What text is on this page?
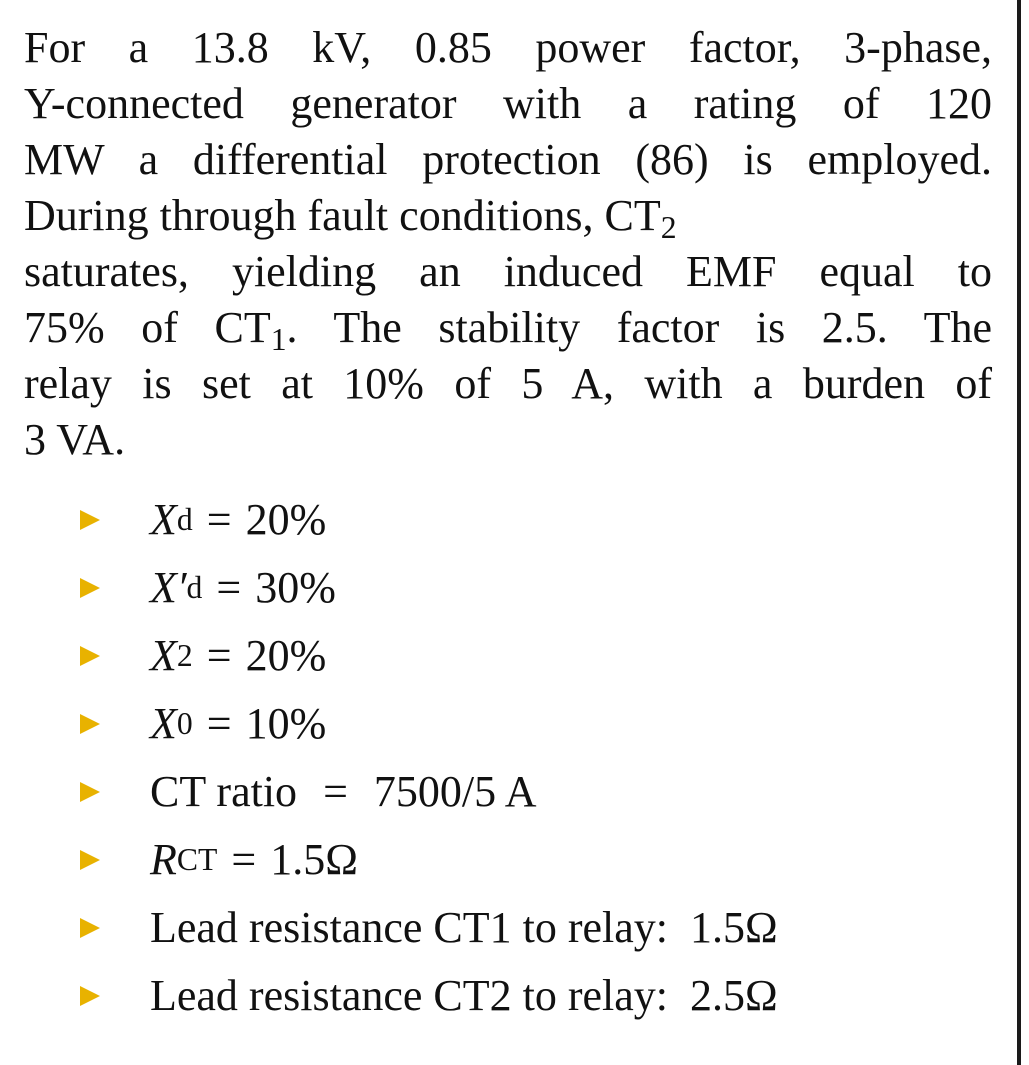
For a 13.8 kV, 0.85 power factor, 3-phase,
Y-connected generator with a rating of 120
MW a differential protection (86) is employed.
During through fault conditions, $CT_2$
saturates, yielding an induced EMF equal to
75% of $CT_1$. The stability factor is 2.5. The
relay is set at 10% of 5 A, with a burden of
3 VA.
X d = 20%
X′ d = 30%
X 2 = 20%
X 0 = 10%
CT ratio = 7500/5 A
R CT = 1.5Ω
Lead resistance CT1 to relay: 1.5Ω
Lead resistance CT2 to relay: 2.5Ω
